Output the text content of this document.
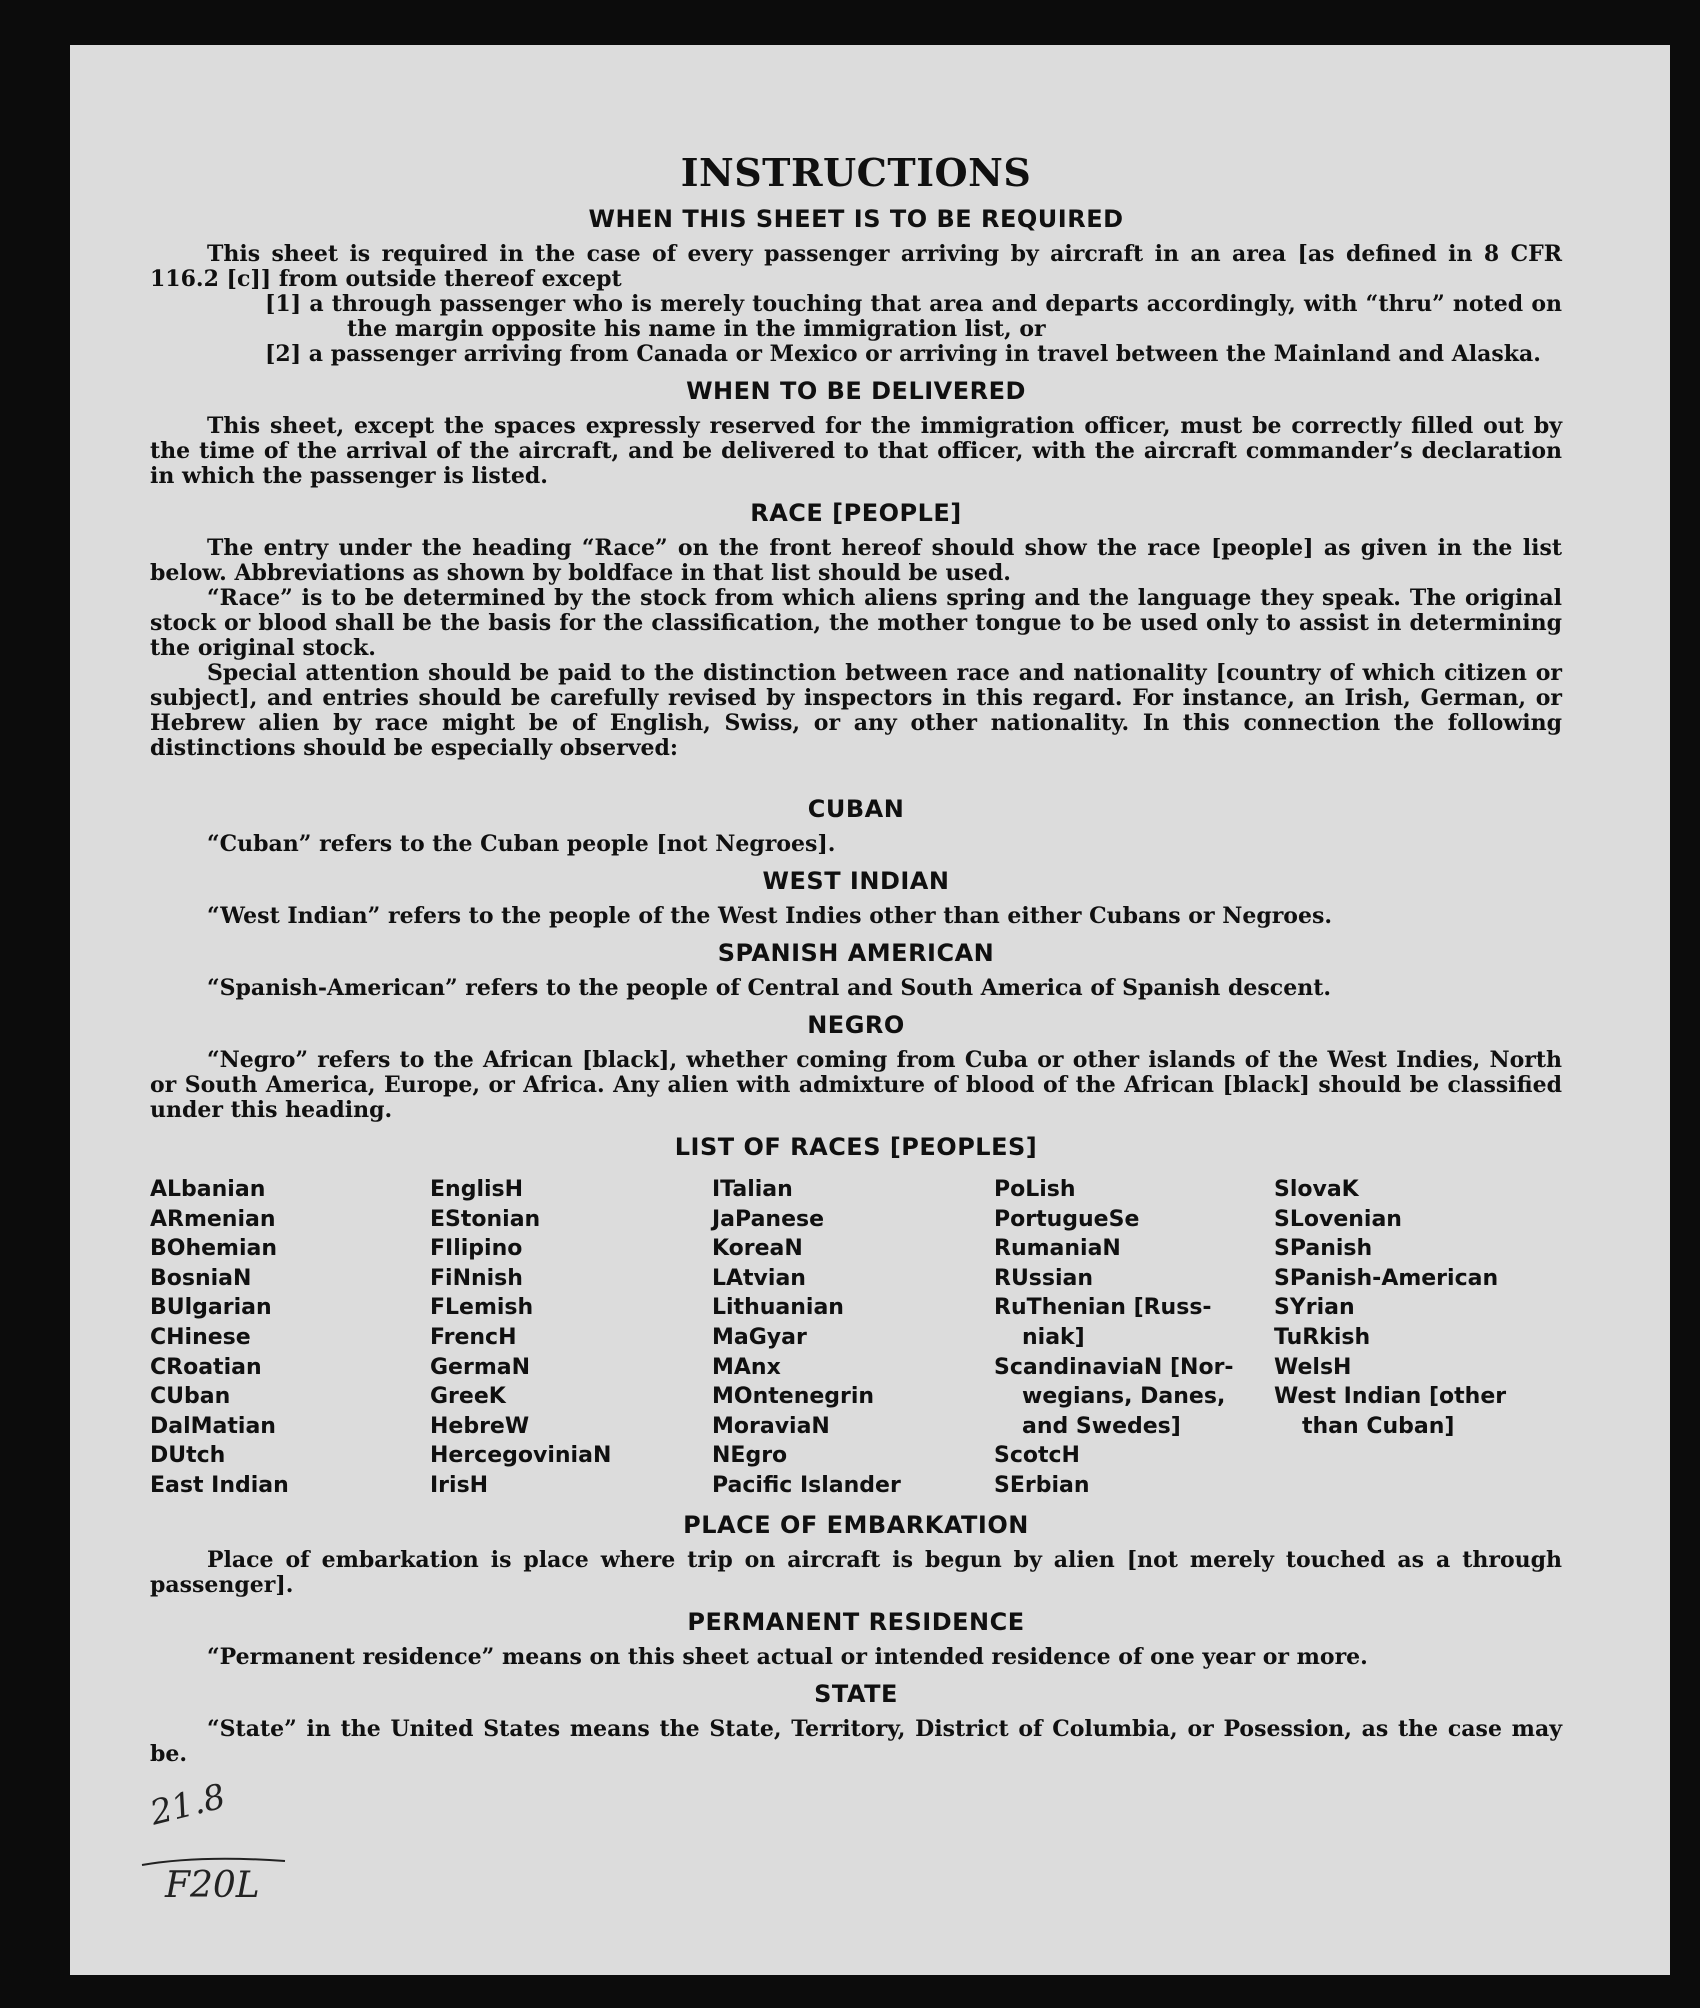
INSTRUCTIONS
WHEN THIS SHEET IS TO BE REQUIRED

This sheet is required in the case of every passenger arriving by aircraft in an area [as defined in 8 CFR 116.2 [c]] from outside thereof except

[1] a through passenger who is merely touching that area and departs accordingly, with “thru” noted on the margin opposite his name in the immigration list, or

[2] a passenger arriving from Canada or Mexico or arriving in travel between the Mainland and Alaska.

WHEN TO BE DELIVERED

This sheet, except the spaces expressly reserved for the immigration officer, must be correctly filled out by the time of the arrival of the aircraft, and be delivered to that officer, with the aircraft commander’s declaration in which the passenger is listed.

RACE [PEOPLE]

The entry under the heading “Race” on the front hereof should show the race [people] as given in the list below. Abbreviations as shown by boldface in that list should be used.

“Race” is to be determined by the stock from which aliens spring and the language they speak. The original stock or blood shall be the basis for the classification, the mother tongue to be used only to assist in determining the original stock.

Special attention should be paid to the distinction between race and nationality [country of which citizen or subject], and entries should be carefully revised by inspectors in this regard. For instance, an Irish, German, or Hebrew alien by race might be of English, Swiss, or any other nationality. In this connection the following distinctions should be especially observed:

CUBAN

“Cuban” refers to the Cuban people [not Negroes].

WEST INDIAN

“West Indian” refers to the people of the West Indies other than either Cubans or Negroes.

SPANISH AMERICAN

“Spanish-American” refers to the people of Central and South America of Spanish descent.

NEGRO

“Negro” refers to the African [black], whether coming from Cuba or other islands of the West Indies, North or South America, Europe, or Africa. Any alien with admixture of blood of the African [black] should be classified under this heading.

LIST OF RACES [PEOPLES]
ALbanian
ARmenian
BOhemian
BosniaN
BUlgarian
CHinese
CRoatian
CUban
DalMatian
DUtch
East Indian
EnglisH
EStonian
FIlipino
FiNnish
FLemish
FrencH
GermaN
GreeK
HebreW
HercegoviniaN
IrisH
ITalian
JaPanese
KoreaN
LAtvian
Lithuanian
MaGyar
MAnx
MOntenegrin
MoraviaN
NEgro
Pacific Islander
PoLish
PortugueSe
RumaniaN
RUssian
RuThenian [Russ-
niak]
ScandinaviaN [Nor-
wegians, Danes,
and Swedes]
ScotcH
SErbian
SlovaK
SLovenian
SPanish
SPanish-American
SYrian
TuRkish
WelsH
West Indian [other
than Cuban]
PLACE OF EMBARKATION

Place of embarkation is place where trip on aircraft is begun by alien [not merely touched as a through passenger].

PERMANENT RESIDENCE

“Permanent residence” means on this sheet actual or intended residence of one year or more.

STATE

“State” in the United States means the State, Territory, District of Columbia, or Posession, as the case may be.

21.8
F20L
